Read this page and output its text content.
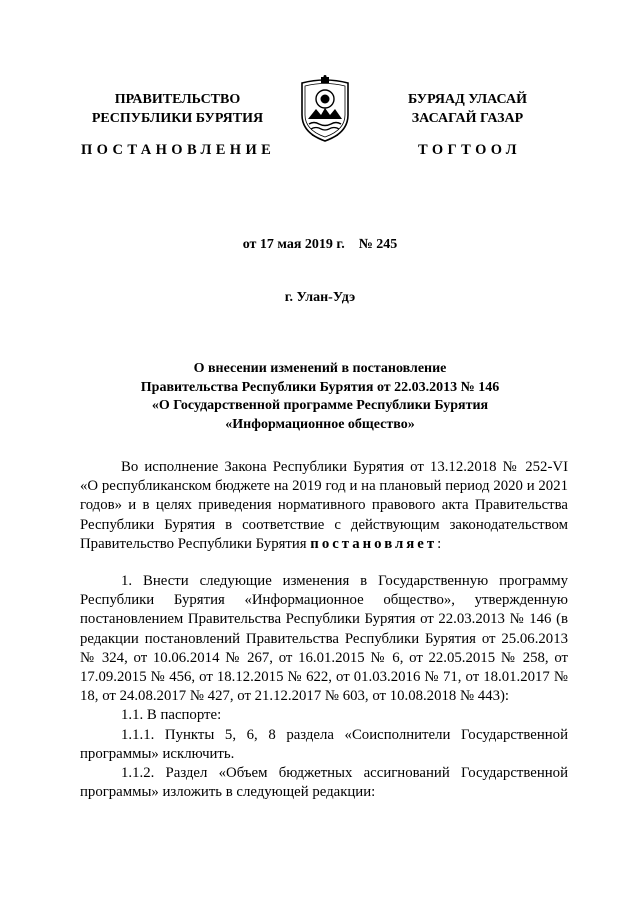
ПРАВИТЕЛЬСТВО
РЕСПУБЛИКИ БУРЯТИЯ
БУРЯАД УЛАСАЙ
ЗАСАГАЙ ГАЗАР
ПОСТАНОВЛЕНИЕ	ТОГТООЛ
от 17 мая 2019 г.    № 245
г. Улан-Удэ
О внесении изменений в постановление
Правительства Республики Бурятия от 22.03.2013 № 146
«О Государственной программе Республики Бурятия
«Информационное общество»

Во исполнение Закона Республики Бурятия от 13.12.2018 № 252-VI «О республиканском бюджете на 2019 год и на плановый период 2020 и 2021 годов» и в целях приведения нормативного правового акта Правительства Республики Бурятия в соответствие с действующим законодательством Правительство Республики Бурятия постановляет:

1. Внести следующие изменения в Государственную программу Республики Бурятия «Информационное общество», утвержденную постановлением Правительства Республики Бурятия от 22.03.2013 № 146 (в редакции постановлений Правительства Республики Бурятия от 25.06.2013 № 324, от 10.06.2014 № 267, от 16.01.2015 № 6, от 22.05.2015 № 258, от 17.09.2015 № 456, от 18.12.2015 № 622, от 01.03.2016 № 71, от 18.01.2017 № 18, от 24.08.2017 № 427, от 21.12.2017 № 603, от 10.08.2018 № 443):

1.1. В паспорте:

1.1.1. Пункты 5, 6, 8 раздела «Соисполнители Государственной программы» исключить.

1.1.2. Раздел «Объем бюджетных ассигнований Государственной программы» изложить в следующей редакции:
